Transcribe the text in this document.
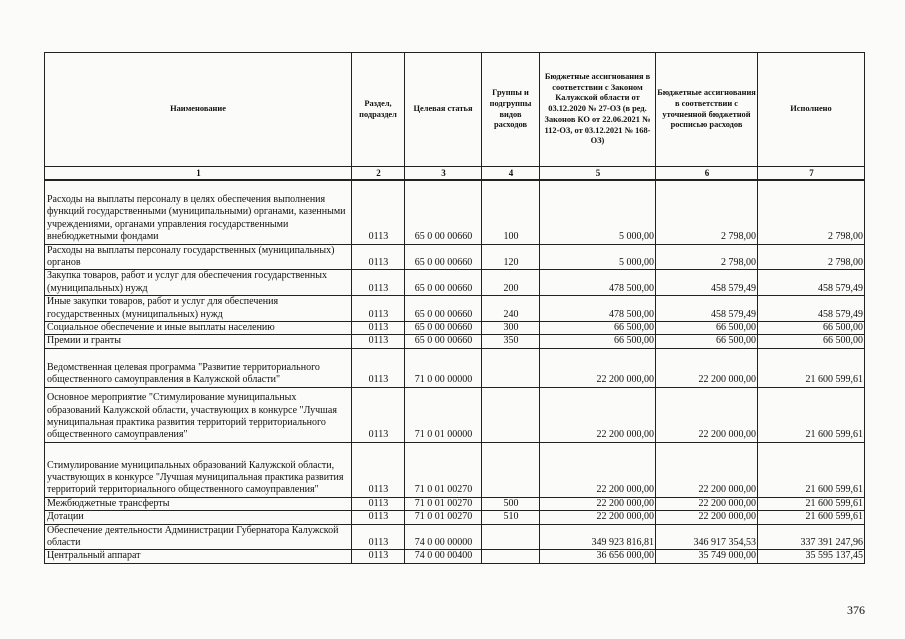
Наименование	Раздел, подраздел	Целевая статья	Группы и подгруппы видов расходов	Бюджетные ассигнования в соответствии с Законом Калужской области от 03.12.2020 № 27-ОЗ (в ред. Законов КО от 22.06.2021 № 112-ОЗ, от 03.12.2021 № 168-ОЗ)	Бюджетные ассигнования в соответствии с уточненной бюджетной росписью расходов	Исполнено
1	2	3	4	5	6	7
Расходы на выплаты персоналу в целях обеспечения выполнения функций государственными (муниципальными) органами, казенными учреждениями, органами управления государственными внебюджетными фондами	0113	65 0 00 00660	100	5 000,00	2 798,00	2 798,00
Расходы на выплаты персоналу государственных (муниципальных) органов	0113	65 0 00 00660	120	5 000,00	2 798,00	2 798,00
Закупка товаров, работ и услуг для обеспечения государственных (муниципальных) нужд	0113	65 0 00 00660	200	478 500,00	458 579,49	458 579,49
Иные закупки товаров, работ и услуг для обеспечения государственных (муниципальных) нужд	0113	65 0 00 00660	240	478 500,00	458 579,49	458 579,49
Социальное обеспечение и иные выплаты населению	0113	65 0 00 00660	300	66 500,00	66 500,00	66 500,00
Премии и гранты	0113	65 0 00 00660	350	66 500,00	66 500,00	66 500,00
Ведомственная целевая программа "Развитие территориального общественного самоуправления в Калужской области"	0113	71 0 00 00000		22 200 000,00	22 200 000,00	21 600 599,61
Основное мероприятие "Стимулирование муниципальных образований Калужской области, участвующих в конкурсе "Лучшая муниципальная практика развития территорий территориального общественного самоуправления"	0113	71 0 01 00000		22 200 000,00	22 200 000,00	21 600 599,61
Стимулирование муниципальных образований Калужской области, участвующих в конкурсе "Лучшая муниципальная практика развития территорий территориального общественного самоуправления"	0113	71 0 01 00270		22 200 000,00	22 200 000,00	21 600 599,61
Межбюджетные трансферты	0113	71 0 01 00270	500	22 200 000,00	22 200 000,00	21 600 599,61
Дотации	0113	71 0 01 00270	510	22 200 000,00	22 200 000,00	21 600 599,61
Обеспечение деятельности Администрации Губернатора Калужской области	0113	74 0 00 00000		349 923 816,81	346 917 354,53	337 391 247,96
Центральный аппарат	0113	74 0 00 00400		36 656 000,00	35 749 000,00	35 595 137,45
376
